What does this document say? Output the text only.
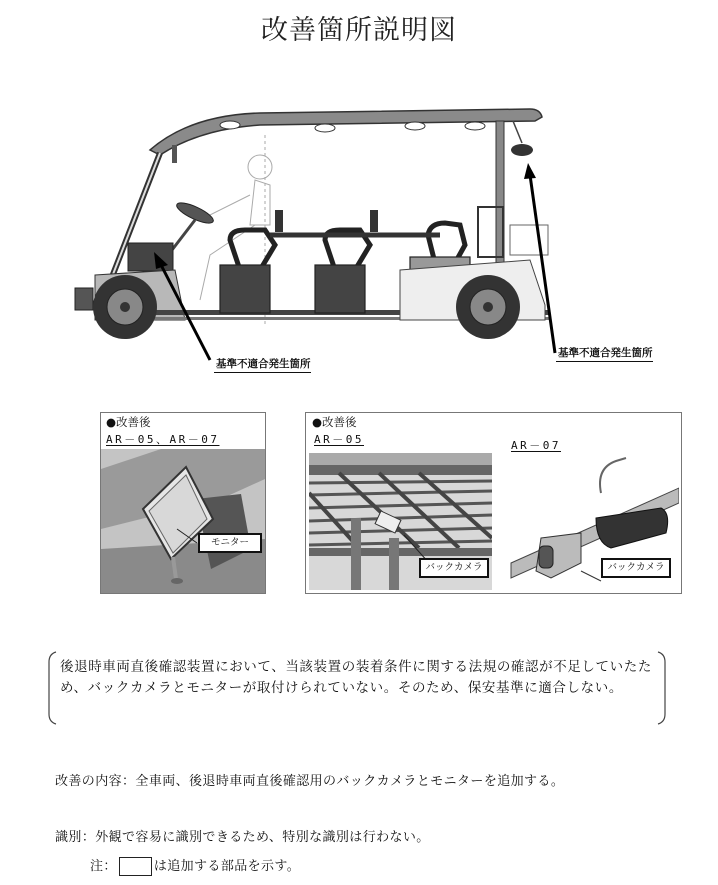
改善箇所説明図
基準不適合発生箇所
基準不適合発生箇所
●改善後
AR－05、AR－07
モニター
●改善後
AR－05	AR－07
バックカメラ	バックカメラ
後退時車両直後確認装置において、当該装置の装着条件に関する法規の確認が不足していたため、バックカメラとモニターが取付けられていない。そのため、保安基準に適合しない。
改善の内容：全車両、後退時車両直後確認用のバックカメラとモニターを追加する。
識別：外観で容易に識別できるため、特別な識別は行わない。
注：	は追加する部品を示す。
